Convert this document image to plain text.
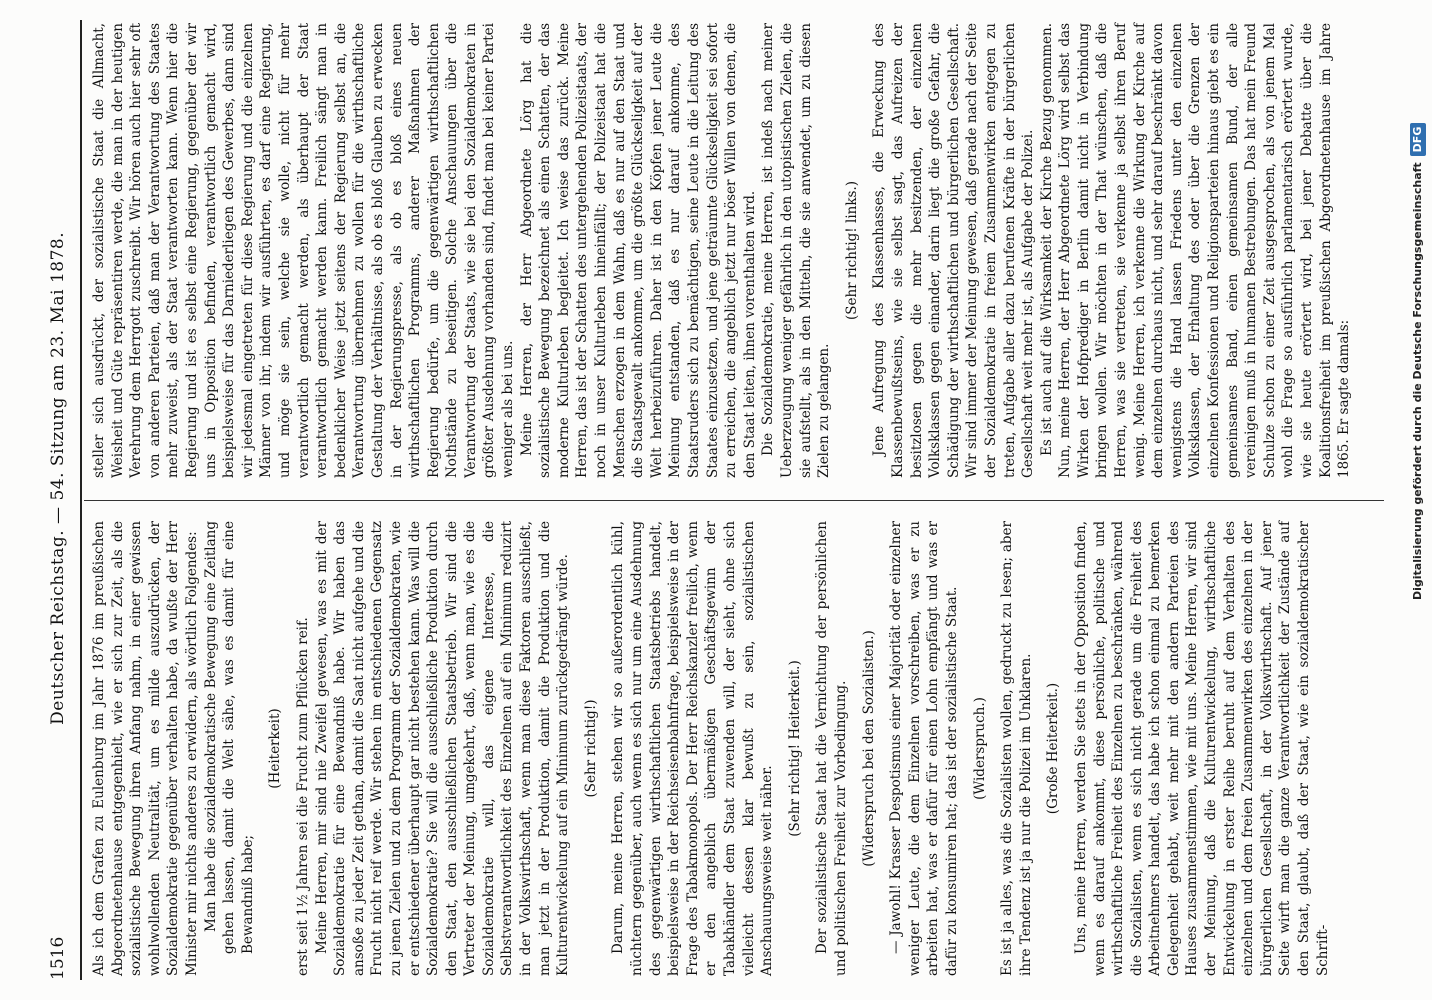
1516
Deutscher Reichstag. — 54. Sitzung am 23. Mai 1878.

Als ich dem Grafen zu Eulenburg im Jahr 1876 im preußischen Abgeordnetenhause entgegenhielt, wie er sich zur Zeit, als die sozialistische Bewegung ihren Anfang nahm, in einer gewissen wohlwollenden Neutralität, um es milde auszudrücken, der Sozialdemokratie gegenüber verhalten habe, da wußte der Herr Minister mir nichts anderes zu erwidern, als wörtlich Folgendes: Man habe die sozialdemokratische Bewegung eine Zeitlang gehen lassen, damit die Welt sähe, was es damit für eine Bewandniß habe;

(Heiterkeit) erst seit 1½ Jahren sei die Frucht zum Pflücken reif. Meine Herren, mir sind nie Zweifel gewesen, was es mit der Sozialdemokratie für eine Bewandniß habe. Wir haben das ansoße zu jeder Zeit gethan, damit die Saat nicht aufgehe und die Frucht nicht reif werde. Wir stehen im entschiedenen Gegensatz zu jenen Zielen und zu dem Programm der Sozialdemokraten, wie er entschiedener überhaupt gar nicht bestehen kann. Was will die Sozialdemokratie? Sie will die ausschließliche Produktion durch den Staat, den ausschließlichen Staatsbetrieb. Wir sind die Vertreter der Meinung, umgekehrt, daß, wenn man, wie es die Sozialdemokratie will, das eigene Interesse, die Selbstverantwortlichkeit des Einzelnen auf ein Minimum reduzirt in der Volkswirthschaft, wenn man diese Faktoren ausschließt, man jetzt in der Produktion, damit die Produktion und die Kulturentwickelung auf ein Minimum zurückgedrängt würde. (Sehr richtig!) Darum, meine Herren, stehen wir so außerordentlich kühl, nüchtern gegenüber, auch wenn es sich nur um eine Ausdehnung des gegenwärtigen wirthschaftlichen Staatsbetriebs handelt, beispielsweise in der Reichseisenbahnfrage, beispielsweise in der Frage des Tabakmonopols. Der Herr Reichskanzler freilich, wenn er den angeblich übermäßigen Geschäftsgewinn der Tabakhändler dem Staat zuwenden will, der sieht, ohne sich vielleicht dessen klar bewußt zu sein, sozialistischen Anschauungsweise weit näher.

(Sehr richtig! Heiterkeit.) Der sozialistische Staat hat die Vernichtung der persönlichen und politischen Freiheit zur Vorbedingung. (Widerspruch bei den Sozialisten.) — Jawohl! Krasser Despotismus einer Majorität oder einzelner weniger Leute, die dem Einzelnen vorschreiben, was er zu arbeiten hat, was er dafür für einen Lohn empfängt und was er dafür zu konsumiren hat; das ist der sozialistische Staat. (Widerspruch.) Es ist ja alles, was die Sozialisten wollen, gedruckt zu lesen; aber ihre Tendenz ist ja nur die Polizei im Unklaren. (Große Heiterkeit.) Uns, meine Herren, werden Sie stets in der Opposition finden, wenn es darauf ankommt, diese persönliche, politische und wirthschaftliche Freiheit des Einzelnen zu beschränken, während die Sozialisten, wenn es sich nicht gerade um die Freiheit des Arbeitnehmers handelt, das habe ich schon einmal zu bemerken Gelegenheit gehabt, weit mehr mit den andern Parteien des Hauses zusammenstimmen, wie mit uns. Meine Herren, wir sind der Meinung, daß die Kulturentwickelung, wirthschaftliche Entwickelung in erster Reihe beruht auf dem Verhalten des einzelnen und dem freien Zusammenwirken des einzelnen in der bürgerlichen Gesellschaft, in der Volkswirthschaft. Auf jener Seite wirft man die ganze Verantwortlichkeit der Zustände auf den Staat, glaubt, daß der Staat, wie ein sozialdemokratischer Schrift-

steller sich ausdrückt, der sozialistische Staat die Allmacht, Weisheit und Güte repräsentiren werde, die man in der heutigen Verehrung dem Herrgott zuschreibt. Wir hören auch hier sehr oft von anderen Parteien, daß man der Verantwortung des Staates mehr zuweist, als der Staat verantworten kann. Wenn hier die Regierung und ist es selbst eine Regierung, gegenüber der wir uns in Opposition befinden, verantwortlich gemacht wird, beispielsweise für das Darniederliegen des Gewerbes, dann sind wir jedesmal eingetreten für diese Regierung und die einzelnen Männer von ihr, indem wir ausführten, es darf eine Regierung, und möge sie sein, welche sie wolle, nicht für mehr verantwortlich gemacht werden, als überhaupt der Staat verantwortlich gemacht werden kann. Freilich sängt man in bedenklicher Weise jetzt seitens der Regierung selbst an, die Verantwortung übernehmen zu wollen für die wirthschaftliche Gestaltung der Verhältnisse, als ob es bloß Glauben zu erwecken in der Regierungspresse, als ob es bloß eines neuen wirthschaftlichen Programms, anderer Maßnahmen der Regierung bedürfe, um die gegenwärtigen wirthschaftlichen Nothstände zu beseitigen. Solche Anschauungen über die Verantwortung der Staats, wie sie bei den Sozialdemokraten in größter Ausdehnung vorhanden sind, findet man bei keiner Partei weniger als bei uns. Meine Herren, der Herr Abgeordnete Lörg hat die sozialistische Bewegung bezeichnet als einen Schatten, der das moderne Kulturleben begleitet. Ich weise das zurück. Meine Herren, das ist der Schatten des untergehenden Polizeistaats, der noch in unser Kulturleben hineinfällt; der Polizeistaat hat die Menschen erzogen in dem Wahn, daß es nur auf den Staat und die Staatsgewalt ankomme, um die größte Glückseligkeit auf der Welt herbeizuführen. Daher ist in den Köpfen jener Leute die Meinung entstanden, daß es nur darauf ankomme, des Staatsruders sich zu bemächtigen, seine Leute in die Leitung des Staates einzusetzen, und jene geträumte Glückseligkeit sei sofort zu erreichen, die angeblich jetzt nur böser Willen von denen, die den Staat leiten, ihnen vorenthalten wird. Die Sozialdemokratie, meine Herren, ist indeß nach meiner Ueberzeugung weniger gefährlich in den utopistischen Zielen, die sie aufstellt, als in den Mitteln, die sie anwendet, um zu diesen Zielen zu gelangen.

(Sehr richtig! links.) Jene Aufregung des Klassenhasses, die Erweckung des Klassenbewußtseins, wie sie selbst sagt, das Aufreizen der besitzlosen gegen die mehr besitzenden, der einzelnen Volksklassen gegen einander, darin liegt die große Gefahr, die Schädigung der wirthschaftlichen und bürgerlichen Gesellschaft. Wir sind immer der Meinung gewesen, daß gerade nach der Seite der Sozialdemokratie in freiem Zusammenwirken entgegen zu treten, Aufgabe aller dazu berufenen Kräfte in der bürgerlichen Gesellschaft weit mehr ist, als Aufgabe der Polizei. Es ist auch auf die Wirksamkeit der Kirche Bezug genommen. Nun, meine Herren, der Herr Abgeordnete Lörg wird selbst das Wirken der Hofprediger in Berlin damit nicht in Verbindung bringen wollen. Wir möchten in der That wünschen, daß die Herren, was sie vertreten, sie verkenne ja selbst ihren Beruf wenig. Meine Herren, ich verkenne die Wirkung der Kirche auf dem einzelnen durchaus nicht, und sehr darauf beschränkt davon wenigstens die Hand lassen Friedens unter den einzelnen Volksklassen, der Erhaltung des oder über die Grenzen der einzelnen Konfessionen und Religionsparteien hinaus giebt es ein gemeinsames Band, einen gemeinsamen Bund, der alle vereinigen muß in humanen Bestrebungen. Das hat mein Freund Schulze schon zu einer Zeit ausgesprochen, als von jenem Mal wohl die Frage so ausführlich parlamentarisch erörtert wurde, wie sie heute erörtert wird, bei jener Debatte über die Koalitionsfreiheit im preußischen Abgeordnetenhause im Jahre 1865. Er sagte damals:	Digitalisierung gefördert durch die Deutsche ForschungsgemeinschaftDFG
